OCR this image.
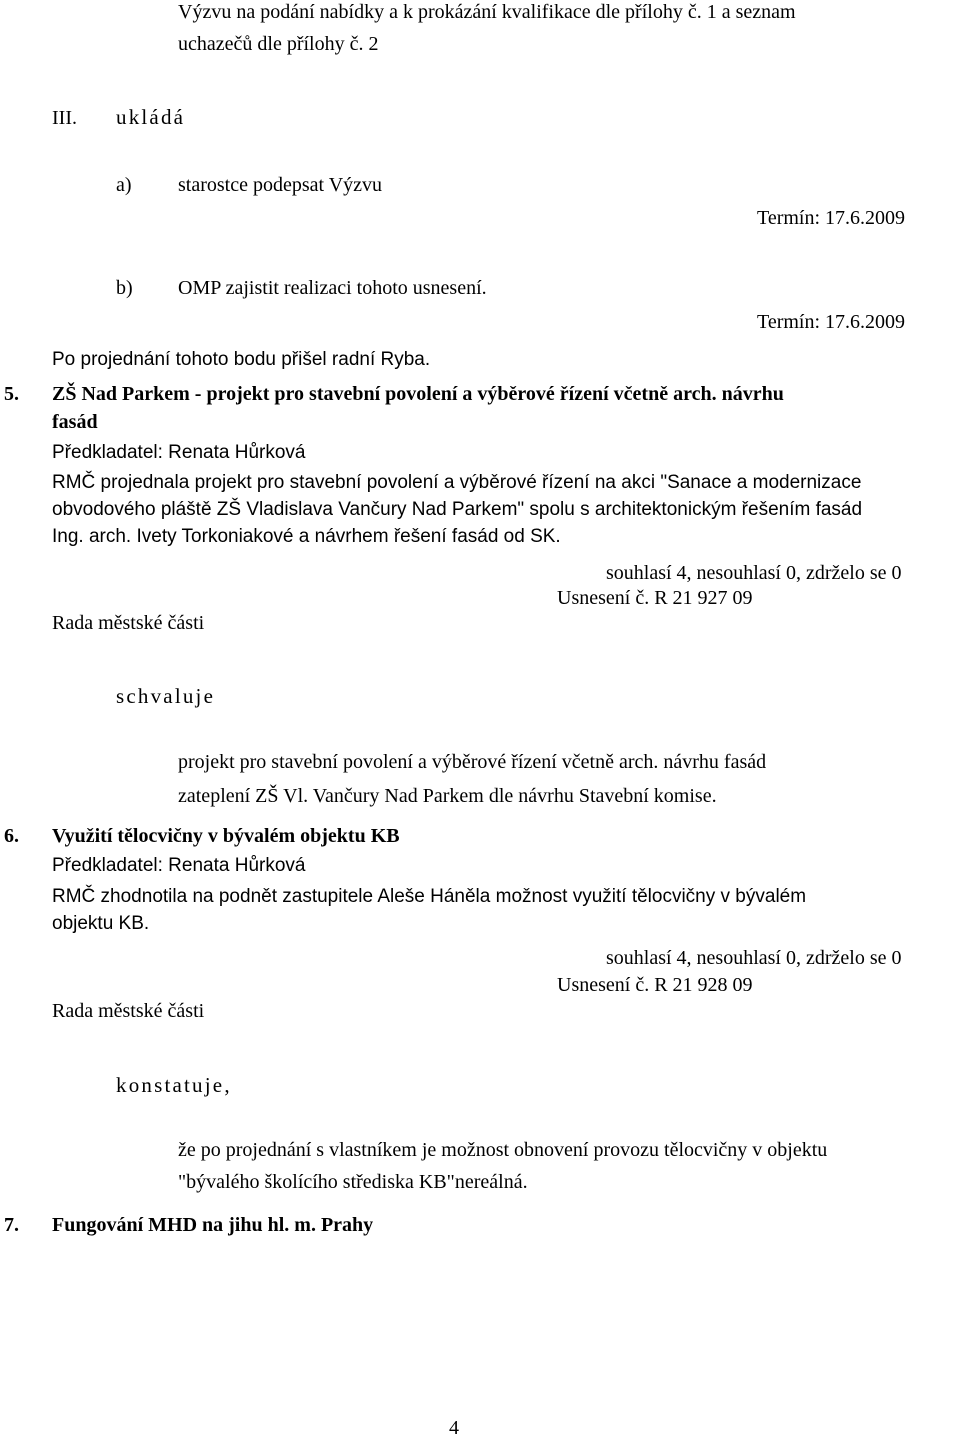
Výzvu na podání nabídky a k prokázání kvalifikace dle přílohy č. 1 a seznam
uchazečů dle přílohy č. 2
III. ukládá
a) starostce podepsat Výzvu
Termín: 17.6.2009
b) OMP zajistit realizaci tohoto usnesení.
Termín: 17.6.2009
Po projednání tohoto bodu přišel radní Ryba.
5. ZŠ Nad Parkem - projekt pro stavební povolení a výběrové řízení včetně arch. návrhu
fasád
Předkladatel: Renata Hůrková
RMČ projednala projekt pro stavební povolení a výběrové řízení na akci "Sanace a modernizace
obvodového pláště ZŠ Vladislava Vančury Nad Parkem" spolu s architektonickým řešením fasád
Ing. arch. Ivety Torkoniakové a návrhem řešení fasád od SK.
souhlasí 4, nesouhlasí 0, zdrželo se 0
Usnesení č. R 21 927 09
Rada městské části
schvaluje
projekt pro stavební povolení a výběrové řízení včetně arch. návrhu fasád
zateplení ZŠ Vl. Vančury Nad Parkem dle návrhu Stavební komise.
6. Využití tělocvičny v bývalém objektu KB
Předkladatel: Renata Hůrková
RMČ zhodnotila na podnět zastupitele Aleše Háněla možnost využití tělocvičny v bývalém
objektu KB.
souhlasí 4, nesouhlasí 0, zdrželo se 0
Usnesení č. R 21 928 09
Rada městské části
konstatuje,
že po projednání s vlastníkem je možnost obnovení provozu tělocvičny v objektu
"bývalého školícího střediska KB"nereálná.
7. Fungování MHD na jihu hl. m. Prahy
4
